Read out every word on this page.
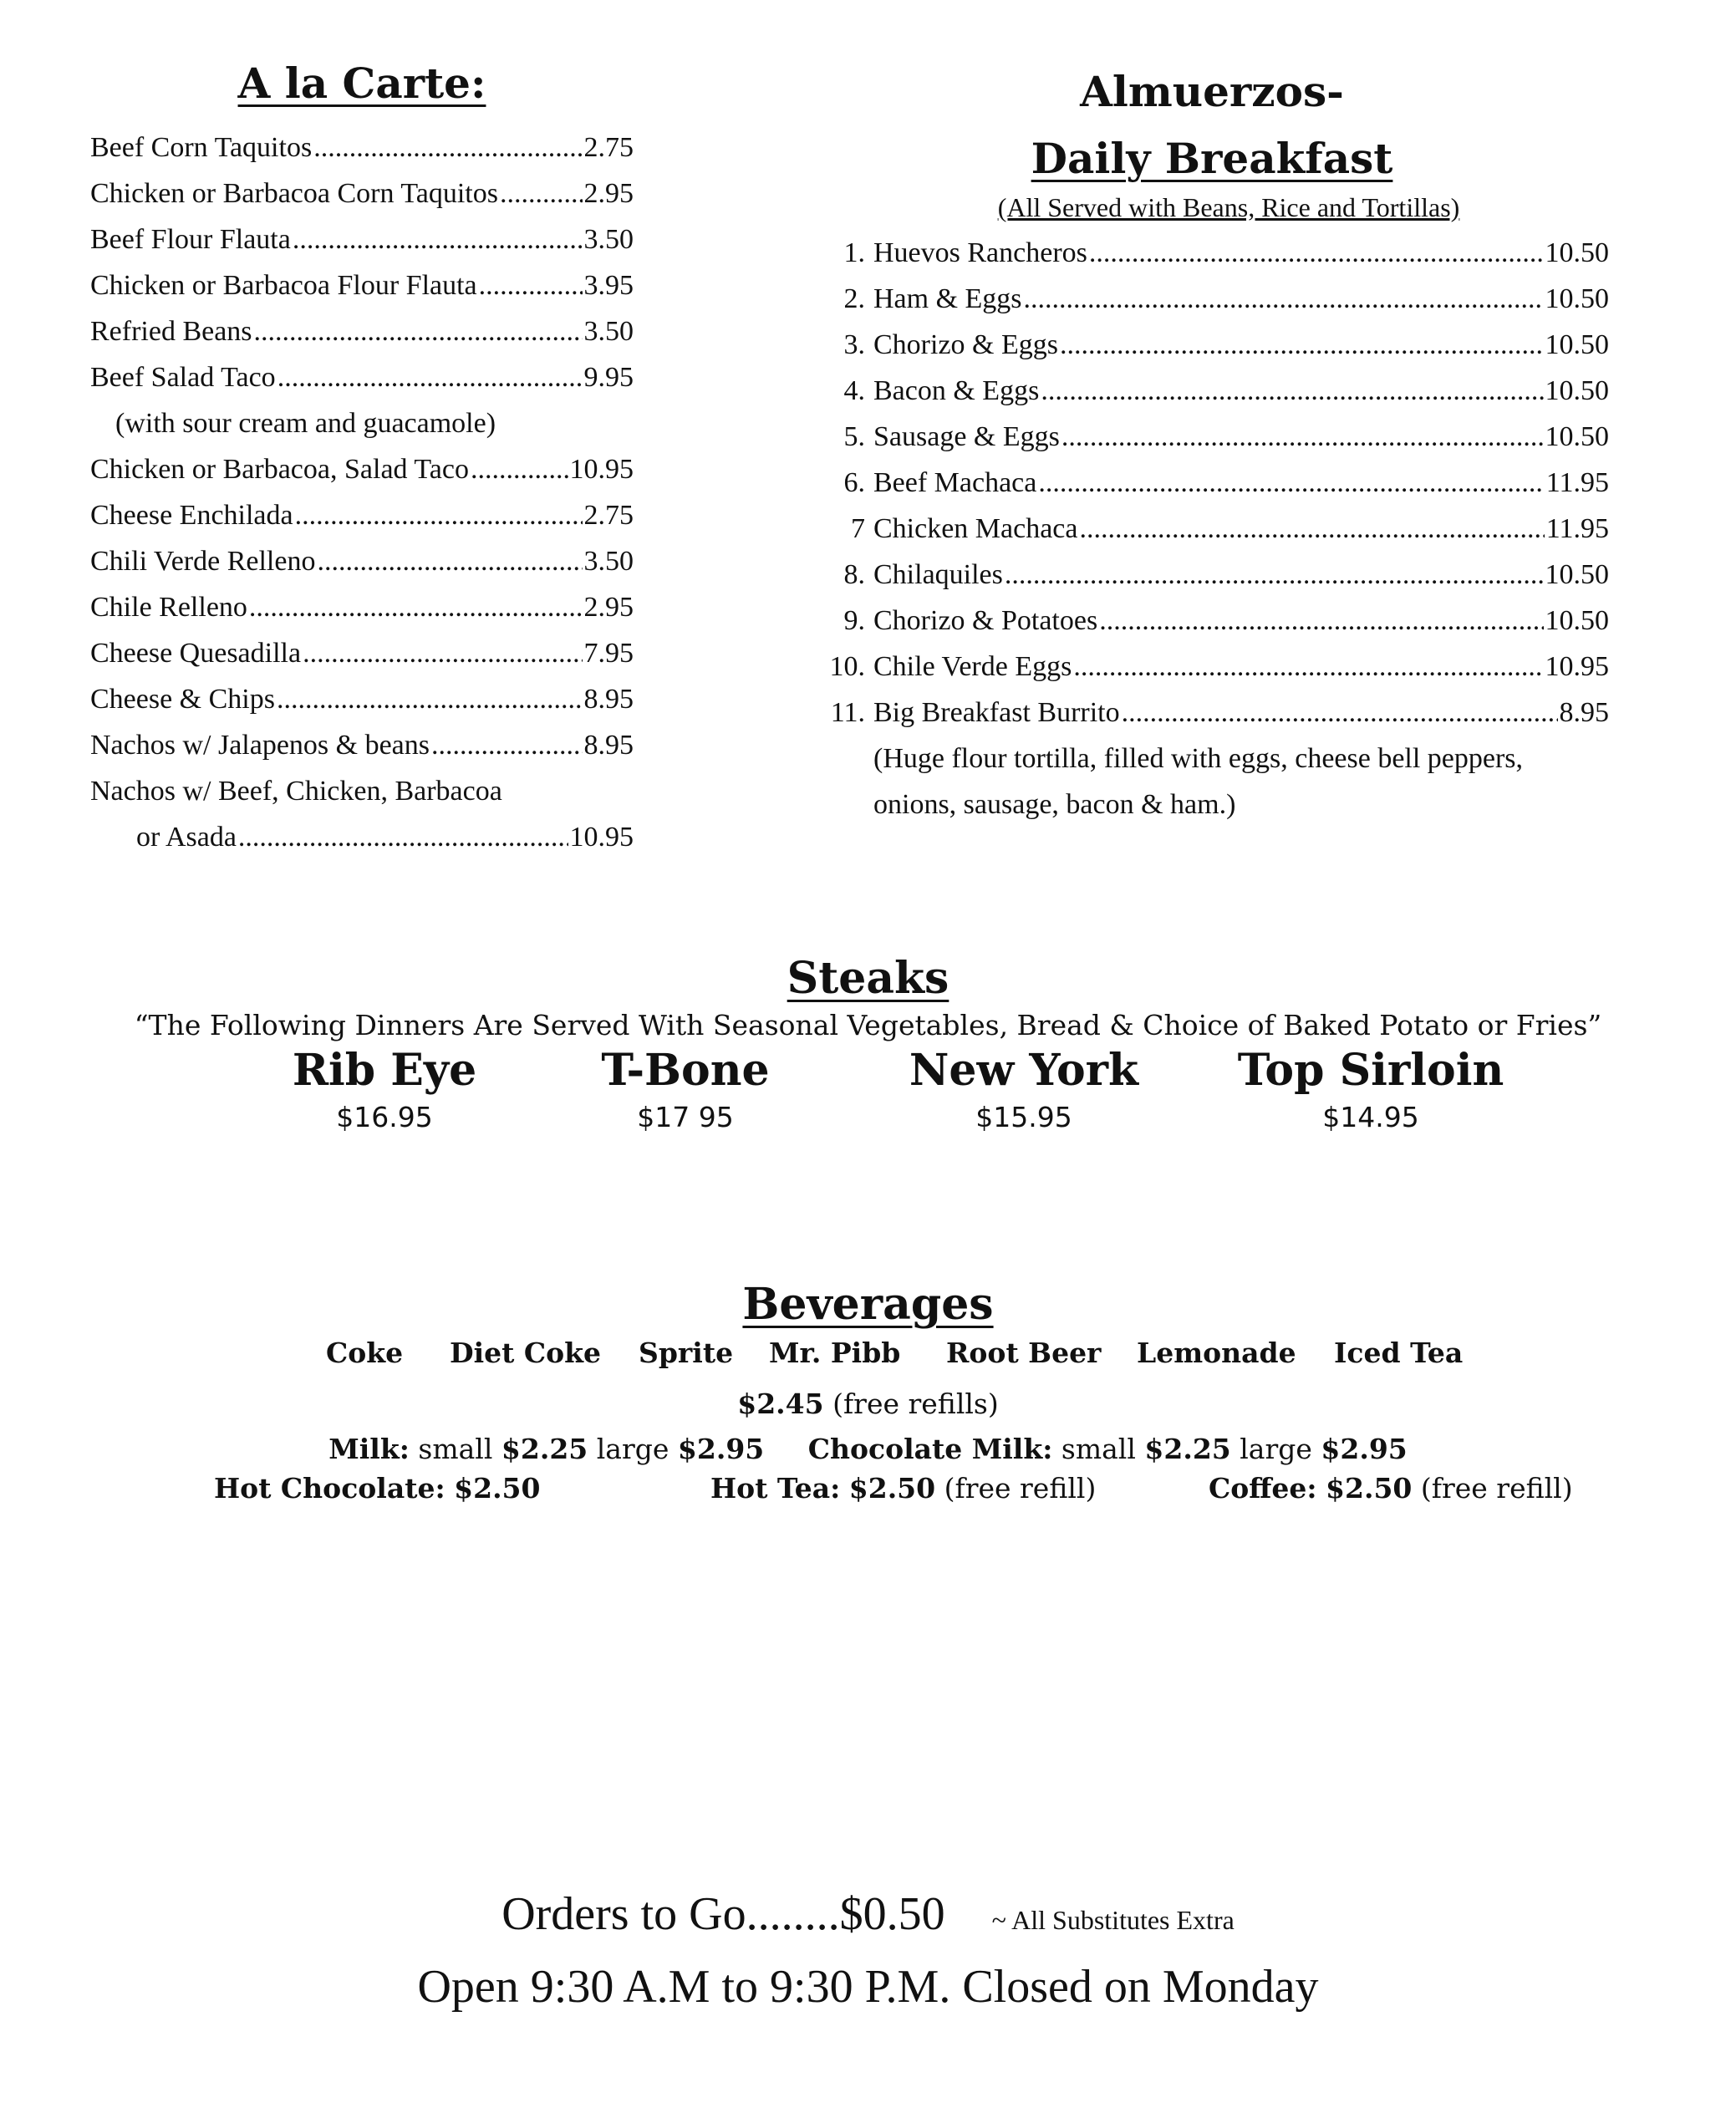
A la Carte:
Beef Corn Taquitos .....	2.75
Chicken or Barbacoa Corn Taquitos .....	2.95
Beef Flour Flauta .....	3.50
Chicken or Barbacoa Flour Flauta .....	3.95
Refried Beans .....	3.50
Beef Salad Taco .....	9.95
(with sour cream and guacamole)
Chicken or Barbacoa, Salad Taco .....	10.95
Cheese Enchilada .....	2.75
Chili Verde Relleno .....	3.50
Chile Relleno .....	2.95
Cheese Quesadilla .....	7.95
Cheese & Chips .....	8.95
Nachos w/ Jalapenos & beans .....	8.95
Nachos w/ Beef, Chicken, Barbacoa
or Asada .....	10.95
Almuerzos-
Daily Breakfast
(All Served with Beans, Rice and Tortillas)
1. Huevos Rancheros .....	10.50
2. Ham & Eggs .....	10.50
3. Chorizo & Eggs .....	10.50
4. Bacon & Eggs .....	10.50
5. Sausage & Eggs .....	10.50
6. Beef Machaca .....	11.95
7 Chicken Machaca .....	11.95
8. Chilaquiles .....	10.50
9. Chorizo & Potatoes .....	10.50
10. Chile Verde Eggs .....	10.95
11. Big Breakfast Burrito .....	8.95
(Huge flour tortilla, filled with eggs, cheese bell peppers,
onions, sausage, bacon & ham.)
Steaks
“The Following Dinners Are Served With Seasonal Vegetables, Bread & Choice of Baked Potato or Fries”
Rib Eye
$16.95
T-Bone
$17 95
New York
$15.95
Top Sirloin
$14.95
Beverages
Coke Diet Coke Sprite Mr. Pibb Root Beer Lemonade Iced Tea
$2.45 (free refills)
Milk: small $2.25 large $2.95 Chocolate Milk: small $2.25 large $2.95
Hot Chocolate: $2.50	Hot Tea: $2.50 (free refill)	Coffee: $2.50 (free refill)
Orders to Go........$0.50 ~ All Substitutes Extra
Open 9:30 A.M to 9:30 P.M. Closed on Monday
